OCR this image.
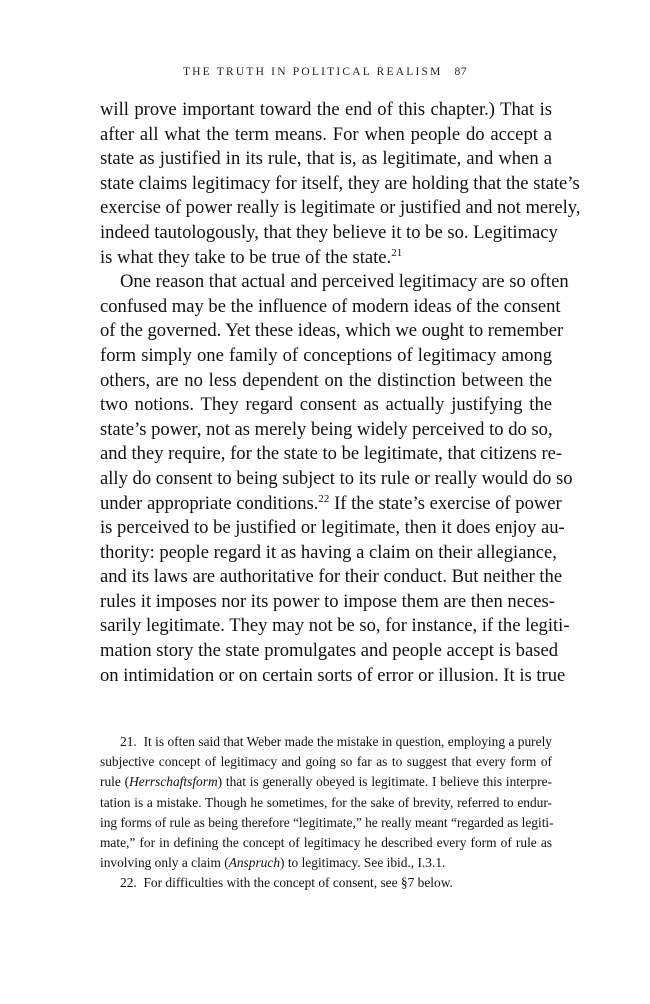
THE TRUTH IN POLITICAL REALISM 87
will prove important toward the end of this chapter.) That is
after all what the term means. For when people do accept a
state as justified in its rule, that is, as legitimate, and when a
state claims legitimacy for itself, they are holding that the state’s
exercise of power really is legitimate or justified and not merely,
indeed tautologously, that they believe it to be so. Legitimacy
is what they take to be true of the state.$^{21}$
One reason that actual and perceived legitimacy are so often
confused may be the influence of modern ideas of the consent
of the governed. Yet these ideas, which we ought to remember
form simply one family of conceptions of legitimacy among
others, are no less dependent on the distinction between the
two notions. They regard consent as actually justifying the
state’s power, not as merely being widely perceived to do so,
and they require, for the state to be legitimate, that citizens re-
ally do consent to being subject to its rule or really would do so
under appropriate conditions.$^{22}$ If the state’s exercise of power
is perceived to be justified or legitimate, then it does enjoy au-
thority: people regard it as having a claim on their allegiance,
and its laws are authoritative for their conduct. But neither the
rules it imposes nor its power to impose them are then neces-
sarily legitimate. They may not be so, for instance, if the legiti-
mation story the state promulgates and people accept is based
on intimidation or on certain sorts of error or illusion. It is true
21. It is often said that Weber made the mistake in question, employing a purely
subjective concept of legitimacy and going so far as to suggest that every form of
rule (Herrschaftsform) that is generally obeyed is legitimate. I believe this interpre-
tation is a mistake. Though he sometimes, for the sake of brevity, referred to endur-
ing forms of rule as being therefore “legitimate,” he really meant “regarded as legiti-
mate,” for in defining the concept of legitimacy he described every form of rule as
involving only a claim (Anspruch) to legitimacy. See ibid., I.3.1.
22. For difficulties with the concept of consent, see §7 below.
